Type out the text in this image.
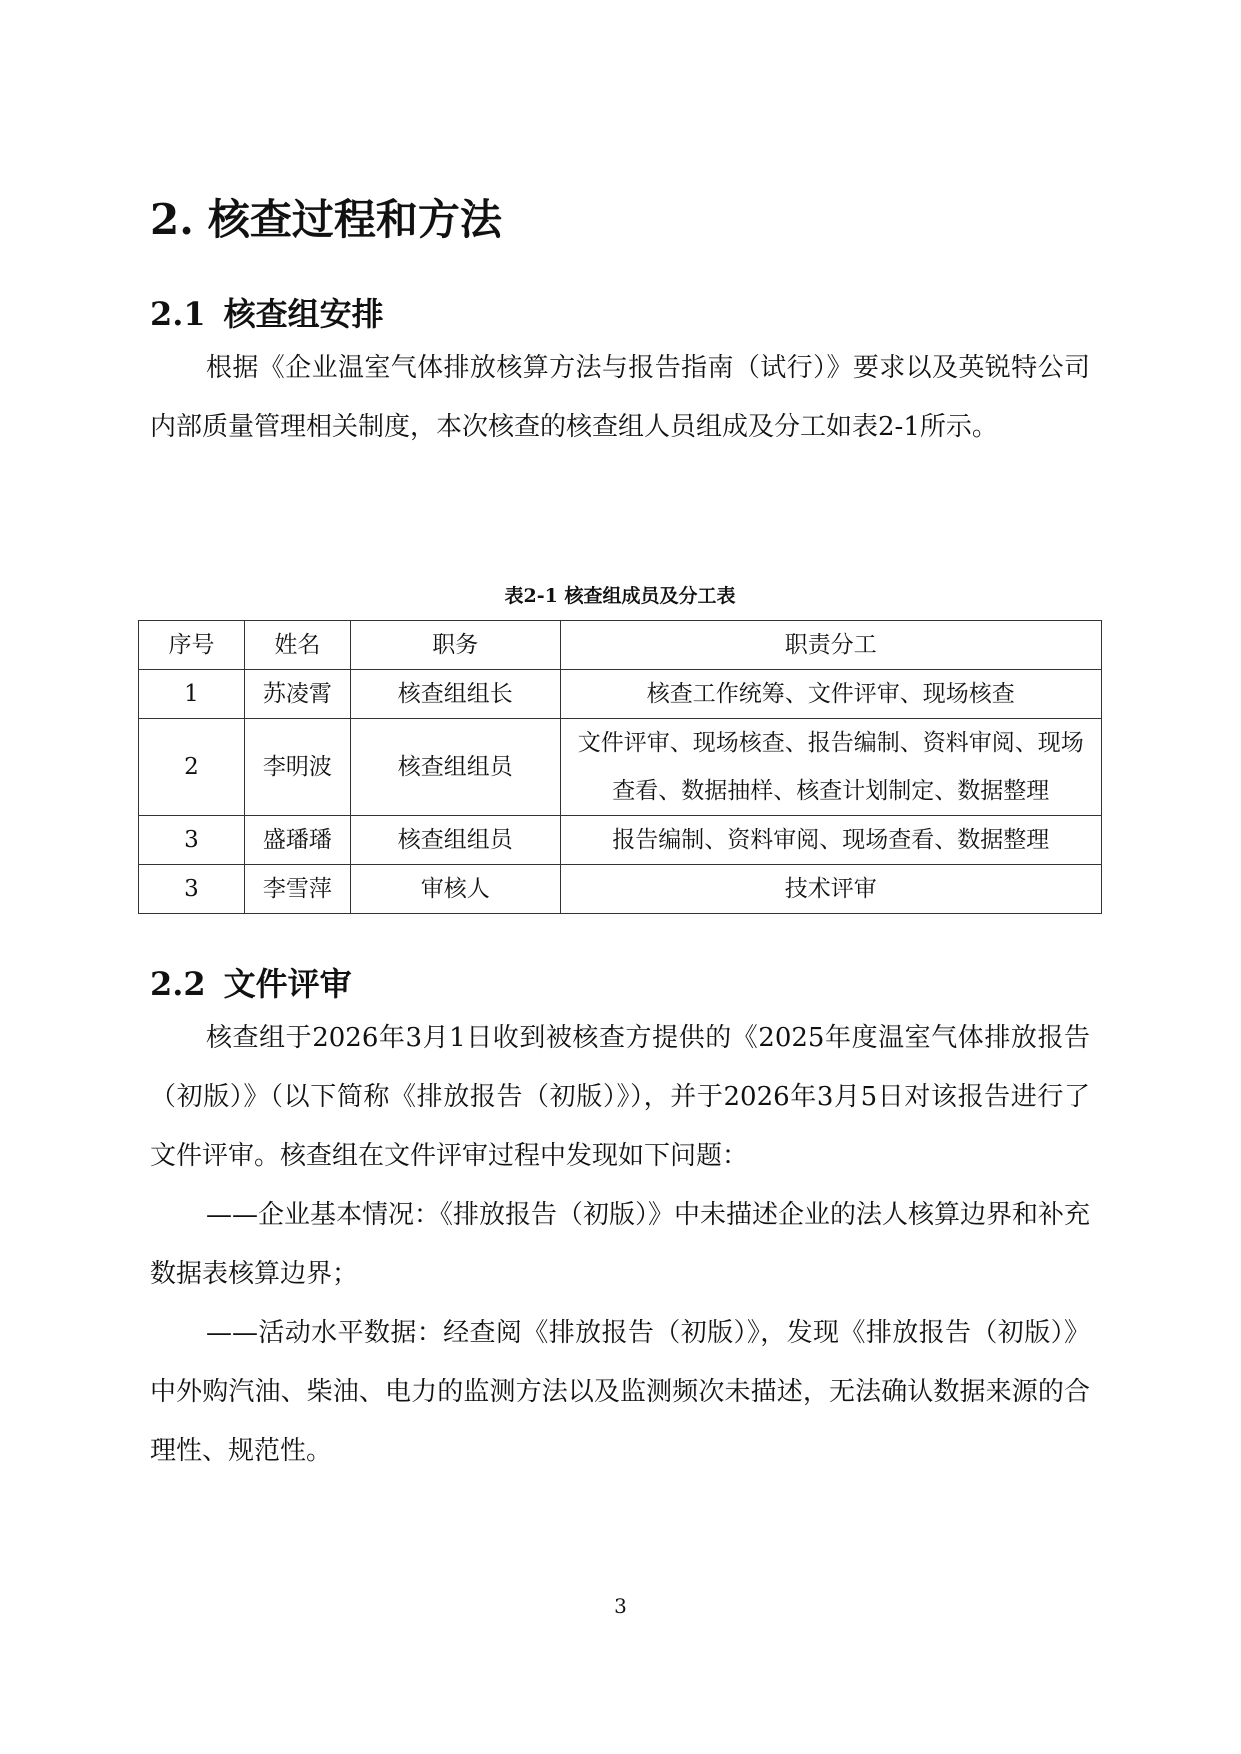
2. 核查过程和方法
2.1 核查组安排

根据《企业温室气体排放核算方法与报告指南（试行）》要求以及英锐特公司内部质量管理相关制度，本次核查的核查组人员组成及分工如表2-1所示。

表2-1 核查组成员及分工表
序号	姓名	职务	职责分工
1	苏凌霄	核查组组长	核查工作统筹、文件评审、现场核查
2	李明波	核查组组员	文件评审、现场核查、报告编制、资料审阅、现场查看、数据抽样、核查计划制定、数据整理
3	盛璠璠	核查组组员	报告编制、资料审阅、现场查看、数据整理
3	李雪萍	审核人	技术评审
2.2 文件评审

核查组于2026年3月1日收到被核查方提供的《2025年度温室气体排放报告（初版）》（以下简称《排放报告（初版）》），并于2026年3月5日对该报告进行了文件评审。核查组在文件评审过程中发现如下问题：

——企业基本情况：《排放报告（初版）》中未描述企业的法人核算边界和补充数据表核算边界；

——活动水平数据：经查阅《排放报告（初版）》，发现《排放报告（初版）》中外购汽油、柴油、电力的监测方法以及监测频次未描述，无法确认数据来源的合理性、规范性。

3
